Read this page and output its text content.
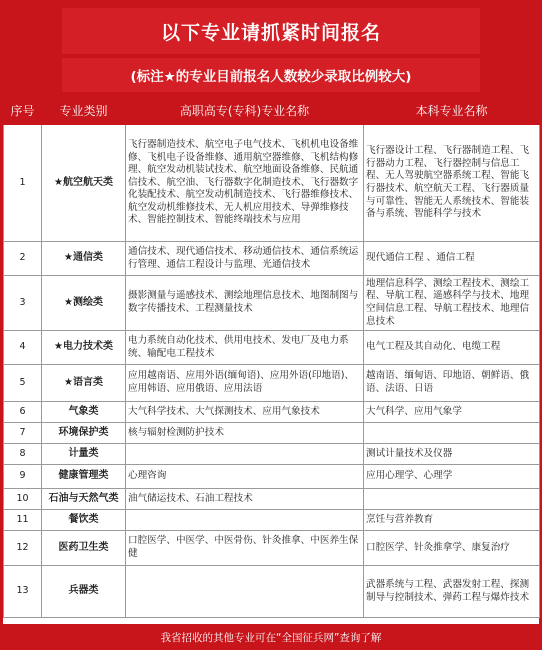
以下专业请抓紧时间报名
(标注★的专业目前报名人数较少录取比例较大)
序号	专业类别	高职高专(专科)专业名称	本科专业名称
1	★航空航天类	飞行器制造技术、航空电子电气技术、飞机机电设备维修、飞机电子设备维修、通用航空器维修、飞机结构修理、航空发动机装试技术、航空地面设备维修、民航通信技术、航空油、飞行器数字化制造技术、飞行器数字化装配技术、航空发动机制造技术、飞行器维修技术、航空发动机维修技术、无人机应用技术、导弹维修技术、智能控制技术、智能终端技术与应用	飞行器设计工程、飞行器制造工程、飞行器动力工程、飞行器控制与信息工程、无人驾驶航空器系统工程、智能飞行器技术、航空航天工程、飞行器质量与可靠性、智能无人系统技术、智能装备与系统、智能科学与技术
2	★通信类	通信技术、现代通信技术、移动通信技术、通信系统运行管理、通信工程设计与监理、光通信技术	现代通信工程 、通信工程
3	★测绘类	摄影测量与遥感技术、测绘地理信息技术、地图制图与数字传播技术、工程测量技术	地理信息科学、测绘工程技术、测绘工程、导航工程、遥感科学与技术、地理空间信息工程、导航工程技术、地理信息技术
4	★电力技术类	电力系统自动化技术、供用电技术、发电厂及电力系统、输配电工程技术	电气工程及其自动化、电缆工程
5	★语言类	应用越南语、应用外语(缅甸语)、应用外语(印地语)、应用韩语、应用俄语、应用法语	越南语、缅甸语、印地语、朝鲜语、俄语、法语、日语
6	气象类	大气科学技术、大气探测技术、应用气象技术	大气科学、应用气象学
7	环境保护类	核与辐射检测防护技术	
8	计量类		测试计量技术及仪器
9	健康管理类	心理咨询	应用心理学、心理学
10	石油与天然气类	油气储运技术、石油工程技术	
11	餐饮类		烹饪与营养教育
12	医药卫生类	口腔医学、中医学、中医骨伤、针灸推拿、中医养生保健	口腔医学、针灸推拿学、康复治疗
13	兵器类		武器系统与工程、武器发射工程、探测制导与控制技术、弹药工程与爆炸技术
我省招收的其他专业可在“全国征兵网”查询了解
